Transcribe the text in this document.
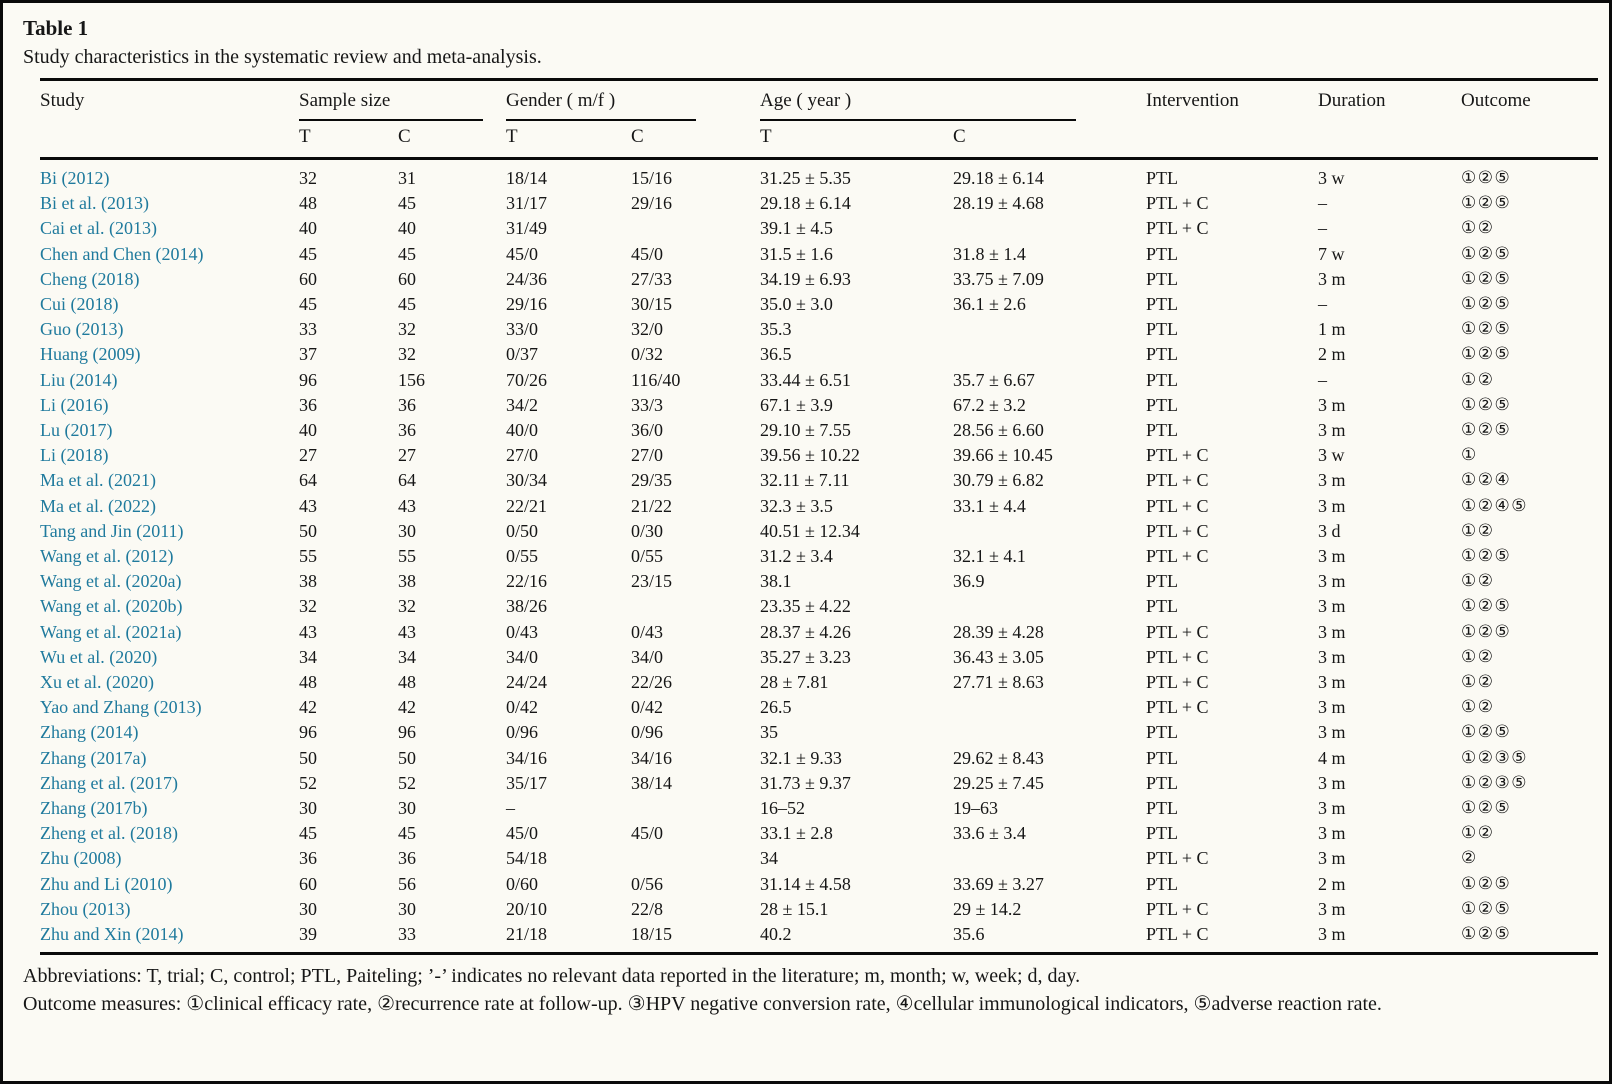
Table 1
Study characteristics in the systematic review and meta-analysis.
Study	Sample size		Gender ( m/f )		Age ( year )		Intervention	Duration	Outcome
	T	C	T	C	T	C			
Bi (2012)	32	31	18/14	15/16	31.25 ± 5.35	29.18 ± 6.14	PTL	3 w	①②⑤
Bi et al. (2013)	48	45	31/17	29/16	29.18 ± 6.14	28.19 ± 4.68	PTL + C	–	①②⑤
Cai et al. (2013)	40	40	31/49		39.1 ± 4.5		PTL + C	–	①②
Chen and Chen (2014)	45	45	45/0	45/0	31.5 ± 1.6	31.8 ± 1.4	PTL	7 w	①②⑤
Cheng (2018)	60	60	24/36	27/33	34.19 ± 6.93	33.75 ± 7.09	PTL	3 m	①②⑤
Cui (2018)	45	45	29/16	30/15	35.0 ± 3.0	36.1 ± 2.6	PTL	–	①②⑤
Guo (2013)	33	32	33/0	32/0	35.3		PTL	1 m	①②⑤
Huang (2009)	37	32	0/37	0/32	36.5		PTL	2 m	①②⑤
Liu (2014)	96	156	70/26	116/40	33.44 ± 6.51	35.7 ± 6.67	PTL	–	①②
Li (2016)	36	36	34/2	33/3	67.1 ± 3.9	67.2 ± 3.2	PTL	3 m	①②⑤
Lu (2017)	40	36	40/0	36/0	29.10 ± 7.55	28.56 ± 6.60	PTL	3 m	①②⑤
Li (2018)	27	27	27/0	27/0	39.56 ± 10.22	39.66 ± 10.45	PTL + C	3 w	①
Ma et al. (2021)	64	64	30/34	29/35	32.11 ± 7.11	30.79 ± 6.82	PTL + C	3 m	①②④
Ma et al. (2022)	43	43	22/21	21/22	32.3 ± 3.5	33.1 ± 4.4	PTL + C	3 m	①②④⑤
Tang and Jin (2011)	50	30	0/50	0/30	40.51 ± 12.34		PTL + C	3 d	①②
Wang et al. (2012)	55	55	0/55	0/55	31.2 ± 3.4	32.1 ± 4.1	PTL + C	3 m	①②⑤
Wang et al. (2020a)	38	38	22/16	23/15	38.1	36.9	PTL	3 m	①②
Wang et al. (2020b)	32	32	38/26		23.35 ± 4.22		PTL	3 m	①②⑤
Wang et al. (2021a)	43	43	0/43	0/43	28.37 ± 4.26	28.39 ± 4.28	PTL + C	3 m	①②⑤
Wu et al. (2020)	34	34	34/0	34/0	35.27 ± 3.23	36.43 ± 3.05	PTL + C	3 m	①②
Xu et al. (2020)	48	48	24/24	22/26	28 ± 7.81	27.71 ± 8.63	PTL + C	3 m	①②
Yao and Zhang (2013)	42	42	0/42	0/42	26.5		PTL + C	3 m	①②
Zhang (2014)	96	96	0/96	0/96	35		PTL	3 m	①②⑤
Zhang (2017a)	50	50	34/16	34/16	32.1 ± 9.33	29.62 ± 8.43	PTL	4 m	①②③⑤
Zhang et al. (2017)	52	52	35/17	38/14	31.73 ± 9.37	29.25 ± 7.45	PTL	3 m	①②③⑤
Zhang (2017b)	30	30	–		16–52	19–63	PTL	3 m	①②⑤
Zheng et al. (2018)	45	45	45/0	45/0	33.1 ± 2.8	33.6 ± 3.4	PTL	3 m	①②
Zhu (2008)	36	36	54/18		34		PTL + C	3 m	②
Zhu and Li (2010)	60	56	0/60	0/56	31.14 ± 4.58	33.69 ± 3.27	PTL	2 m	①②⑤
Zhou (2013)	30	30	20/10	22/8	28 ± 15.1	29 ± 14.2	PTL + C	3 m	①②⑤
Zhu and Xin (2014)	39	33	21/18	18/15	40.2	35.6	PTL + C	3 m	①②⑤

Abbreviations: T, trial; C, control; PTL, Paiteling; ’-’ indicates no relevant data reported in the literature; m, month; w, week; d, day.

Outcome measures: ①clinical efficacy rate, ②recurrence rate at follow-up. ③HPV negative conversion rate, ④cellular immunological indicators, ⑤adverse reaction rate.
